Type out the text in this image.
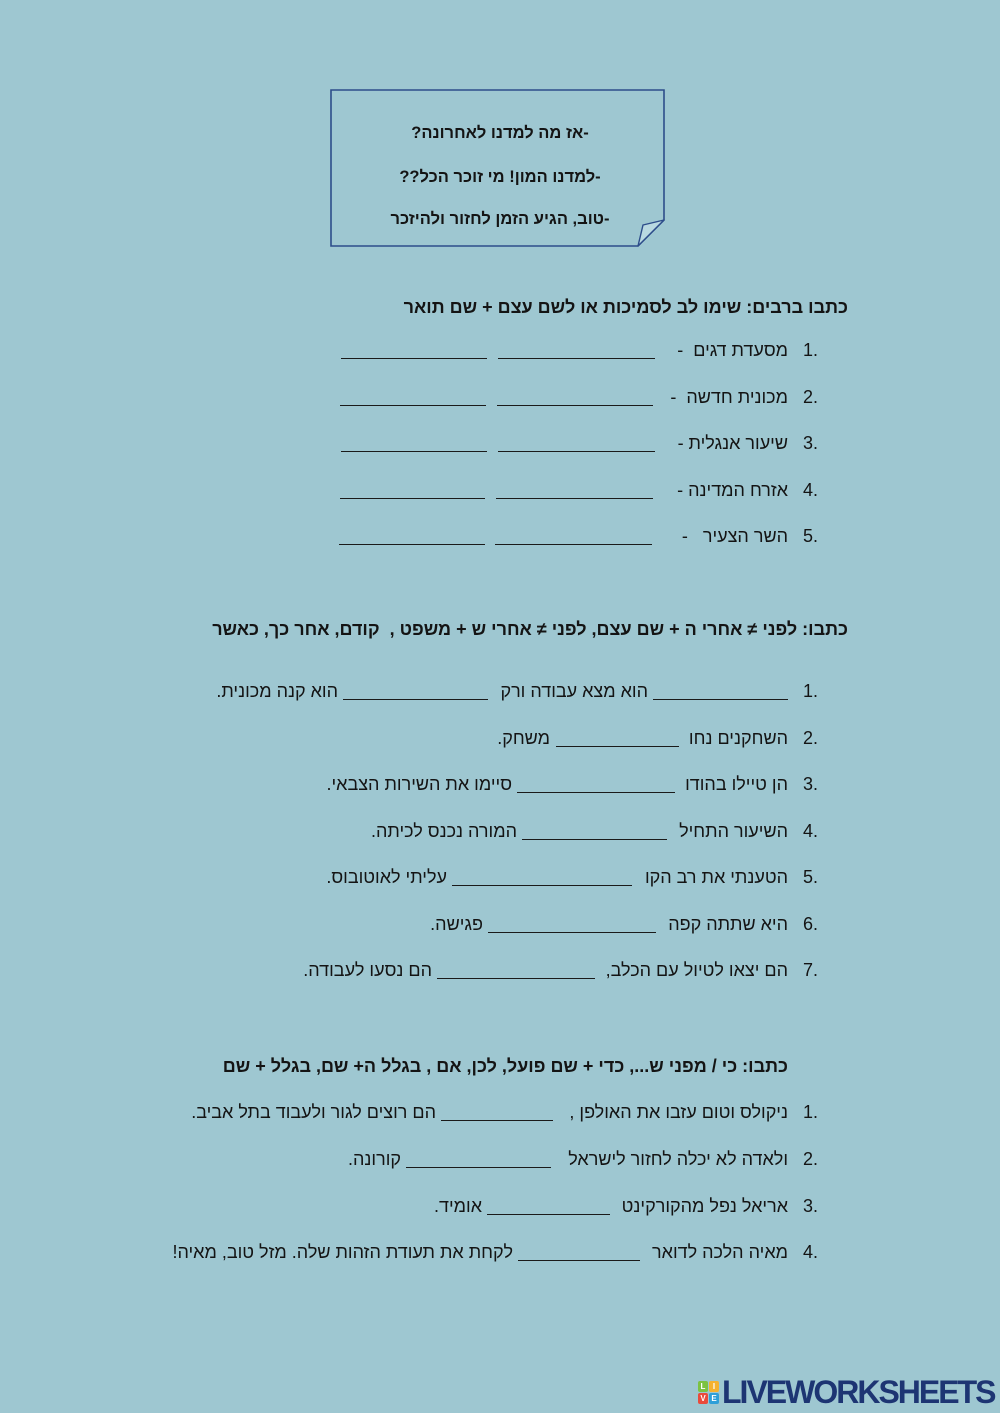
-אז מה למדנו לאחרונה?
-למדנו המון! מי זוכר הכל??
-טוב, הגיע הזמן לחזור ולהיזכר
כתבו ברבים: שימו לב לסמיכות או לשם עצם + שם תואר
1.
מסעדת דגים  -
2.
מכונית חדשה  -
3.
שיעור אנגלית -
4.
אזרח המדינה -
5.
השר הצעיר   -
כתבו: לפני ≠ אחרי ה + שם עצם, לפני ≠ אחרי ש + משפט ,  קודם, אחר כך, כאשר
1.
הוא מצא עבודה ורק
הוא קנה מכונית.
2.
השחקנים נחו
משחק.
3.
הן טיילו בהודו
סיימו את השירות הצבאי.
4.
השיעור התחיל
המורה נכנס לכיתה.
5.
הטענתי את רב הקו
עליתי לאוטובוס.
6.
היא שתתה קפה
פגישה.
7.
הם יצאו לטיול עם הכלב,
הם נסעו לעבודה.
כתבו: כי / מפני ש..., כדי + שם פועל, לכן, אם , בגלל ה+ שם, בגלל + שם
1.
ניקולס וטום עזבו את האולפן ,
הם רוצים לגור ולעבוד בתל אביב.
2.
ולאדה לא יכלה לחזור לישראל
קורונה.
3.
אריאל נפל מהקורקינט
אומיד.
4.
מאיה הלכה לדואר
לקחת את תעודת הזהות שלה. מזל טוב, מאיה!
L I
V E LIVEWORKSHEETS
